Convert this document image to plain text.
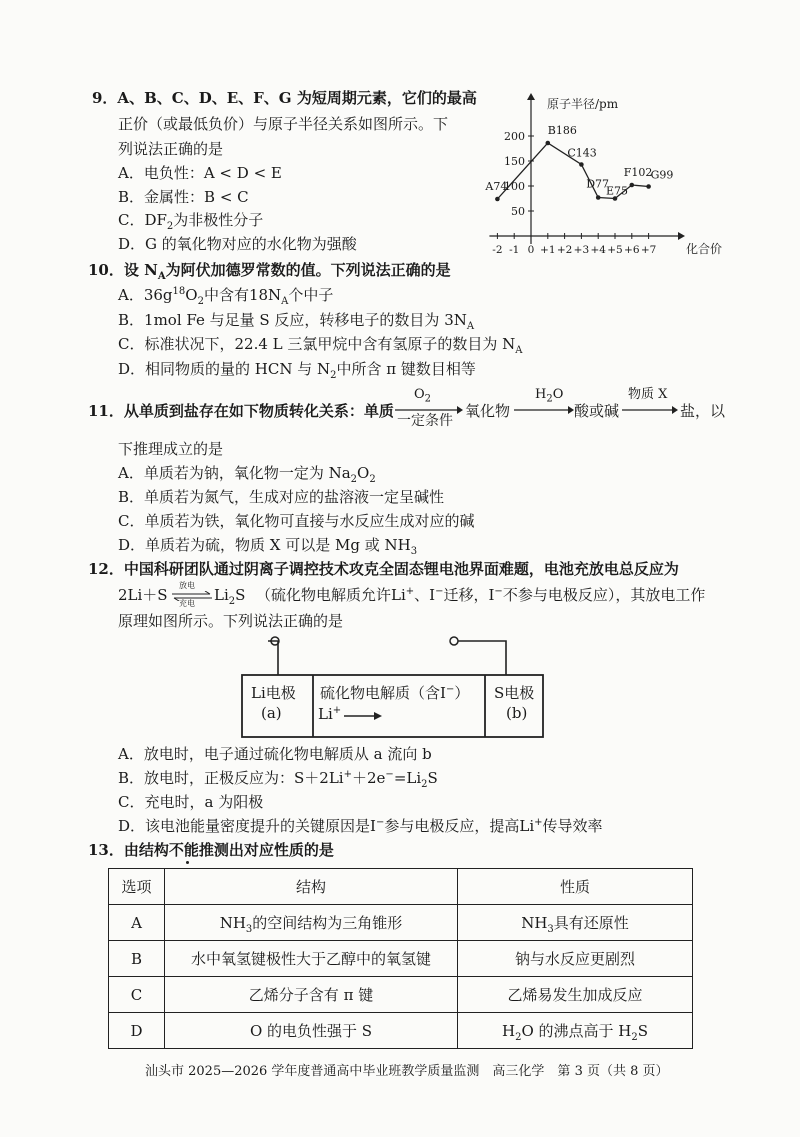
9．A、B、C、D、E、F、G 为短周期元素，它们的最高
正价（或最低负价）与原子半径关系如图所示。下
列说法正确的是
A．电负性：A < D < E
B．金属性：B < C
C．$DF_2$为非极性分子
D．G 的氧化物对应的水化物为强酸
200
150
100
50
-2 -1 0 +1 +2 +3 +4 +5 +6 +7
原子半径/pm
化合价
A74
B186
C143
D77
E75
F102
G99
10．设 $N_A$为阿伏加德罗常数的值。下列说法正确的是
A．$36g^{18}O_2$中含有$18N_A$个中子
B．1mol Fe 与足量 S 反应，转移电子的数目为 $3N_A$
C．标准状况下，22.4 L 三氯甲烷中含有氢原子的数目为 $N_A$
D．相同物质的量的 HCN 与 $N_2$中所含 π 键数目相等
11．从单质到盐存在如下物质转化关系：单质
$O_2$
一定条件
氧化物
$H_2O$
酸或碱
物质 X
盐，以
下推理成立的是
A．单质若为钠，氧化物一定为 $Na_2O_2$
B．单质若为氮气，生成对应的盐溶液一定呈碱性
C．单质若为铁，氧化物可直接与水反应生成对应的碱
D．单质若为硫，物质 X 可以是 Mg 或 $NH_3$
12．中国科研团队通过阴离子调控技术攻克全固态锂电池界面难题，电池充放电总反应为
2Li＋S
放电
充电 $Li_2S$ （硫化物电解质允许Li+、I−迁移，I−不参与电极反应），其放电工作
原理如图所示。下列说法正确的是
Li电极
(a)
硫化物电解质（含I−）
Li+
S电极
(b)
A．放电时，电子通过硫化物电解质从 a 流向 b
B．放电时，正极反应为：$S+2Li^++2e^-=Li_2S$
C．充电时，a 为阳极
D．该电池能量密度提升的关键原因是I−参与电极反应，提高Li+传导效率
13．由结构不能推测出对应性质的是
选项	结构	性质
A	$NH_3$的空间结构为三角锥形	$NH_3$具有还原性
B	水中氧氢键极性大于乙醇中的氧氢键	钠与水反应更剧烈
C	乙烯分子含有 π 键	乙烯易发生加成反应
D	O 的电负性强于 S	$H_2O$ 的沸点高于 $H_2S$
汕头市 2025—2026 学年度普通高中毕业班教学质量监测　高三化学　第 3 页（共 8 页）
